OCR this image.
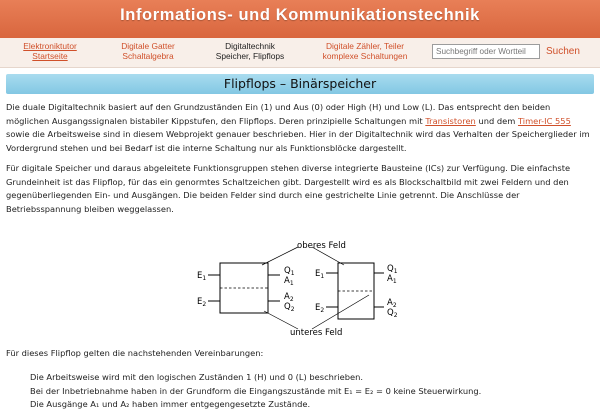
Informations- und Kommunikationstechnik
Elektroniktutor
Startseite
Digitale Gatter
Schaltalgebra
Digitaltechnik
Speicher, Flipflops
Digitale Zähler, Teiler
komplexe Schaltungen
Suchbegriff oder Wortteil	Suchen
Flipflops – Binärspeicher

Die duale Digitaltechnik basiert auf den Grundzuständen Ein (1) und Aus (0) oder High (H) und Low (L). Das entsprecht den beiden möglichen Ausgangssignalen bistabiler Kippstufen, den Flipflops. Deren prinzipielle Schaltungen mit Transistoren und dem Timer-IC 555 sowie die Arbeitsweise sind in diesem Webprojekt genauer beschrieben. Hier in der Digitaltechnik wird das Verhalten der Speicherglieder im Vordergrund stehen und bei Bedarf ist die interne Schaltung nur als Funktionsblöcke dargestellt.

Für digitale Speicher und daraus abgeleitete Funktionsgruppen stehen diverse integrierte Bausteine (ICs) zur Verfügung. Die einfachste Grundeinheit ist das Flipflop, für das ein genormtes Schaltzeichen gibt. Dargestellt wird es als Blockschaltbild mit zwei Feldern und den gegenüberliegenden Ein- und Ausgängen. Die beiden Felder sind durch eine gestrichelte Linie getrennt. Die Anschlüsse der Betriebsspannung bleiben weggelassen.

$E_1$
$E_2$
$Q_1$
$A_1$
$A_2$
$Q_2$
$E_1$
$E_2$
$Q_1$
$A_1$
$A_2$
$Q_2$
oberes Feld
unteres Feld

Für dieses Flipflop gelten die nachstehenden Vereinbarungen:

Die Arbeitsweise wird mit den logischen Zuständen 1 (H) und 0 (L) beschrieben.
Bei der Inbetriebnahme haben in der Grundform die Eingangszustände mit E₁ = E₂ = 0 keine Steuerwirkung.
Die Ausgänge A₁ und A₂ haben immer entgegengesetzte Zustände.
